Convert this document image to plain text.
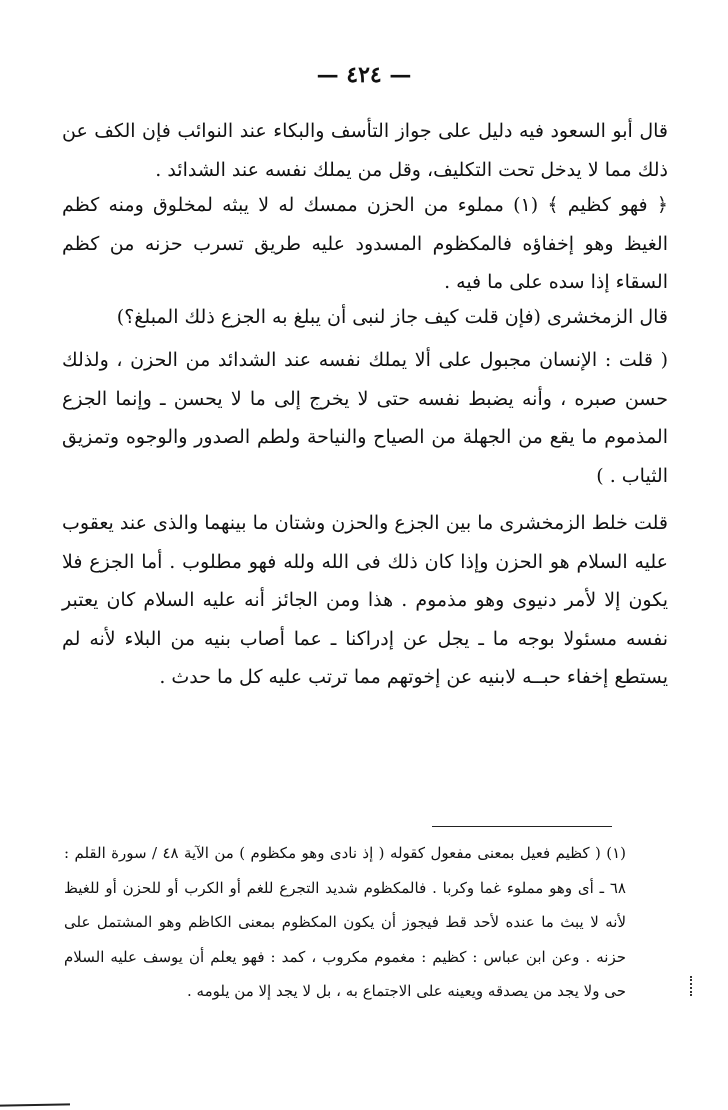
— ٤٢٤ —

قال أبو السعود فيه دليل على جواز التأسف والبكاء عند النوائب فإن الكف عن ذلك مما لا يدخل تحت التكليف، وقل من يملك نفسه عند الشدائد .

﴿ فهو كظيم ﴾ (١) مملوء من الحزن ممسك له لا يبثه لمخلوق ومنه كظم الغيظ وهو إخفاؤه فالمكظوم المسدود عليه طريق تسرب حزنه من كظم السقاء إذا سده على ما فيه .

قال الزمخشرى (فإن قلت كيف جاز لنبى أن يبلغ به الجزع ذلك المبلغ؟)

( قلت : الإنسان مجبول على ألا يملك نفسه عند الشدائد من الحزن ، ولذلك حسن صبره ، وأنه يضبط نفسه حتى لا يخرج إلى ما لا يحسن ـ وإنما الجزع المذموم ما يقع من الجهلة من الصياح والنياحة ولطم الصدور والوجوه وتمزيق الثياب . )

قلت خلط الزمخشرى ما بين الجزع والحزن وشتان ما بينهما والذى عند يعقوب عليه السلام هو الحزن وإذا كان ذلك فى الله ولله فهو مطلوب . أما الجزع فلا يكون إلا لأمر دنيوى وهو مذموم . هذا ومن الجائز أنه عليه السلام كان يعتبر نفسه مسئولا بوجه ما ـ يجل عن إدراكنا ـ عما أصاب بنيه من البلاء لأنه لم يستطع إخفاء حبــه لابنيه عن إخوتهم مما ترتب عليه كل ما حدث .

(١) ( كظيم فعيل بمعنى مفعول كقوله ( إذ نادى وهو مكظوم ) من الآية ٤٨ / سورة القلم : ٦٨ ـ أى وهو مملوء غما وكربا . فالمكظوم شديد التجرع للغم أو الكرب أو للحزن أو للغيظ لأنه لا يبث ما عنده لأحد قط فيجوز أن يكون المكظوم بمعنى الكاظم وهو المشتمل على حزنه . وعن ابن عباس : كظيم : مغموم مكروب ، كمد : فهو يعلم أن يوسف عليه السلام حى ولا يجد من يصدقه ويعينه على الاجتماع به ، بل لا يجد إلا من يلومه .
